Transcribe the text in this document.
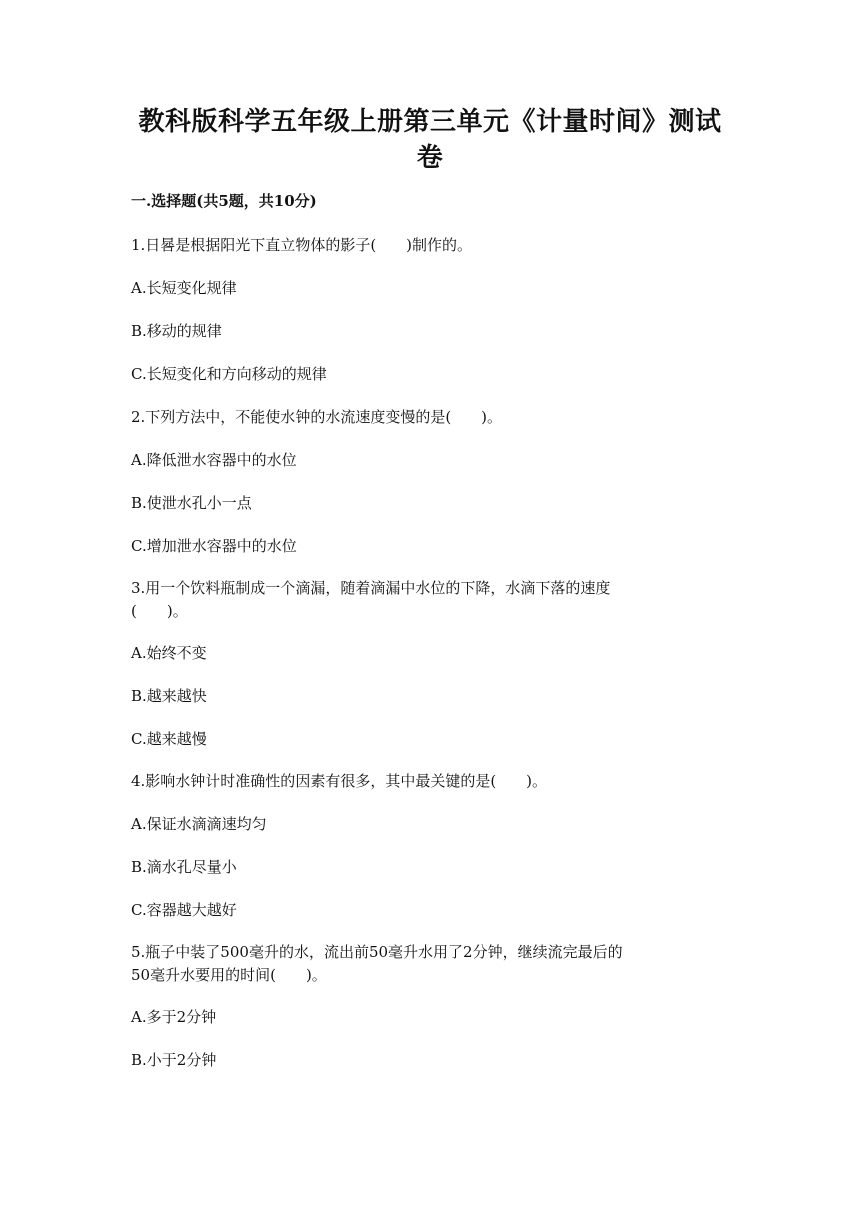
教科版科学五年级上册第三单元《计量时间》测试
卷
一.选择题(共5题，共10分)
1.日晷是根据阳光下直立物体的影子(　　)制作的。
A.长短变化规律
B.移动的规律
C.长短变化和方向移动的规律
2.下列方法中，不能使水钟的水流速度变慢的是(　　)。
A.降低泄水容器中的水位
B.使泄水孔小一点
C.增加泄水容器中的水位
3.用一个饮料瓶制成一个滴漏，随着滴漏中水位的下降，水滴下落的速度
(　　)。
A.始终不变
B.越来越快
C.越来越慢
4.影响水钟计时准确性的因素有很多，其中最关键的是(　　)。
A.保证水滴滴速均匀
B.滴水孔尽量小
C.容器越大越好
5.瓶子中装了500毫升的水，流出前50毫升水用了2分钟，继续流完最后的
50毫升水要用的时间(　　)。
A.多于2分钟
B.小于2分钟
